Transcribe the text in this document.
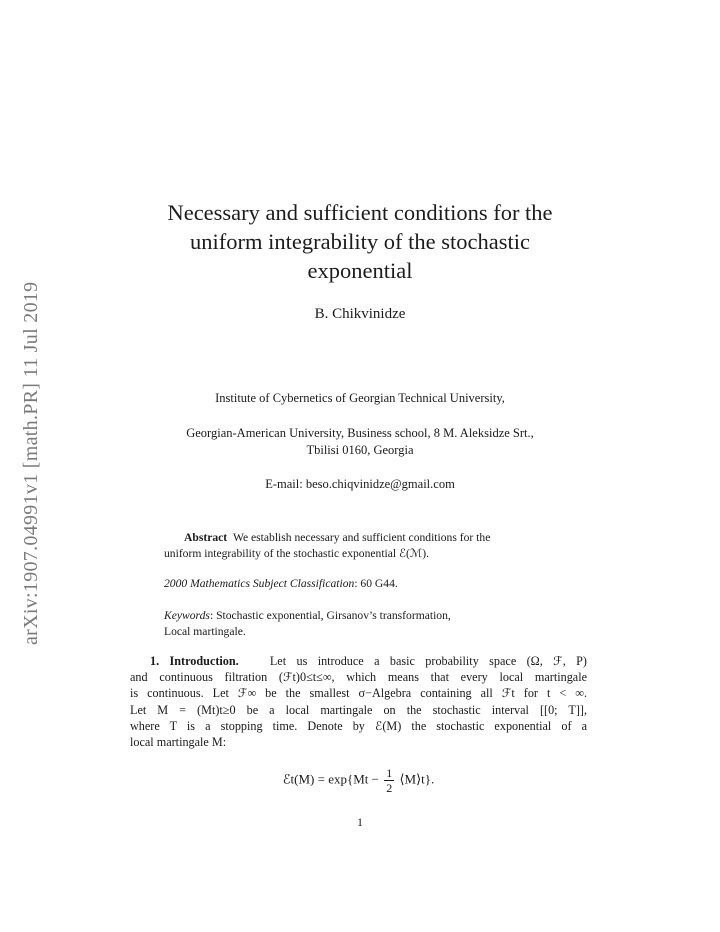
arXiv:1907.04991v1 [math.PR] 11 Jul 2019
Necessary and sufficient conditions for the
uniform integrability of the stochastic
exponential
B. Chikvinidze
Institute of Cybernetics of Georgian Technical University,
Georgian-American University, Business school, 8 M. Aleksidze Srt.,
Tbilisi 0160, Georgia
E-mail: beso.chiqvinidze@gmail.com
Abstract We establish necessary and sufficient conditions for the
uniform integrability of the stochastic exponential ℰ(ℳ).
2000 Mathematics Subject Classification: 60 G44.
Keywords: Stochastic exponential, Girsanov’s transformation,
Local martingale.
1. Introduction.	Let us introduce a basic probability space (Ω, ℱ, P)
and continuous filtration (ℱt)0≤t≤∞, which means that every local martingale
is continuous. Let ℱ∞ be the smallest σ−Algebra containing all ℱt for t < ∞.
Let M = (Mt)t≥0 be a local martingale on the stochastic interval [[0; T]],
where T is a stopping time. Denote by ℰ(M) the stochastic exponential of a
local martingale M:
ℰt(M) = $\exp\{Mt - \frac{1}{2}$ ⟨M⟩t}.
1
